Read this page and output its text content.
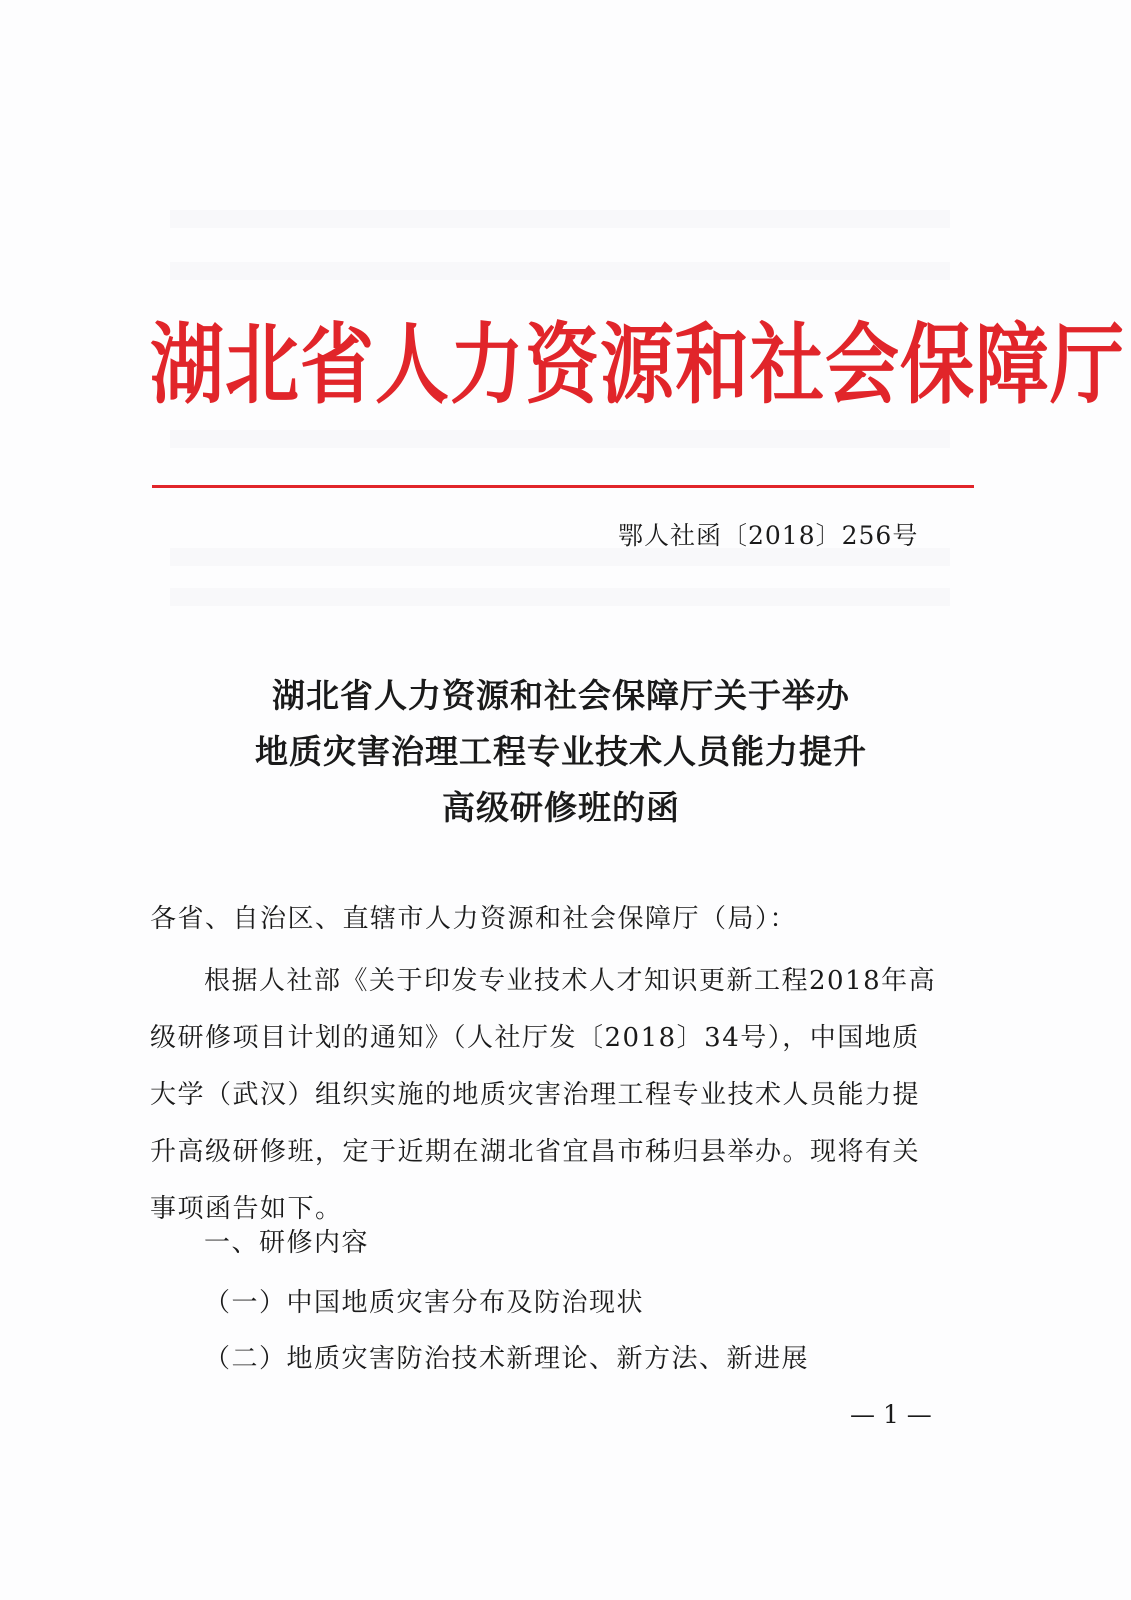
湖北省人力资源和社会保障厅
鄂人社函〔2018〕256号
湖北省人力资源和社会保障厅关于举办
地质灾害治理工程专业技术人员能力提升
高级研修班的函
各省、自治区、直辖市人力资源和社会保障厅（局）：
根据人社部《关于印发专业技术人才知识更新工程2018年高
级研修项目计划的通知》（人社厅发〔2018〕34号），中国地质
大学（武汉）组织实施的地质灾害治理工程专业技术人员能力提
升高级研修班，定于近期在湖北省宜昌市秭归县举办。现将有关
事项函告如下。
一、研修内容
（一）中国地质灾害分布及防治现状
（二）地质灾害防治技术新理论、新方法、新进展
— 1 —
